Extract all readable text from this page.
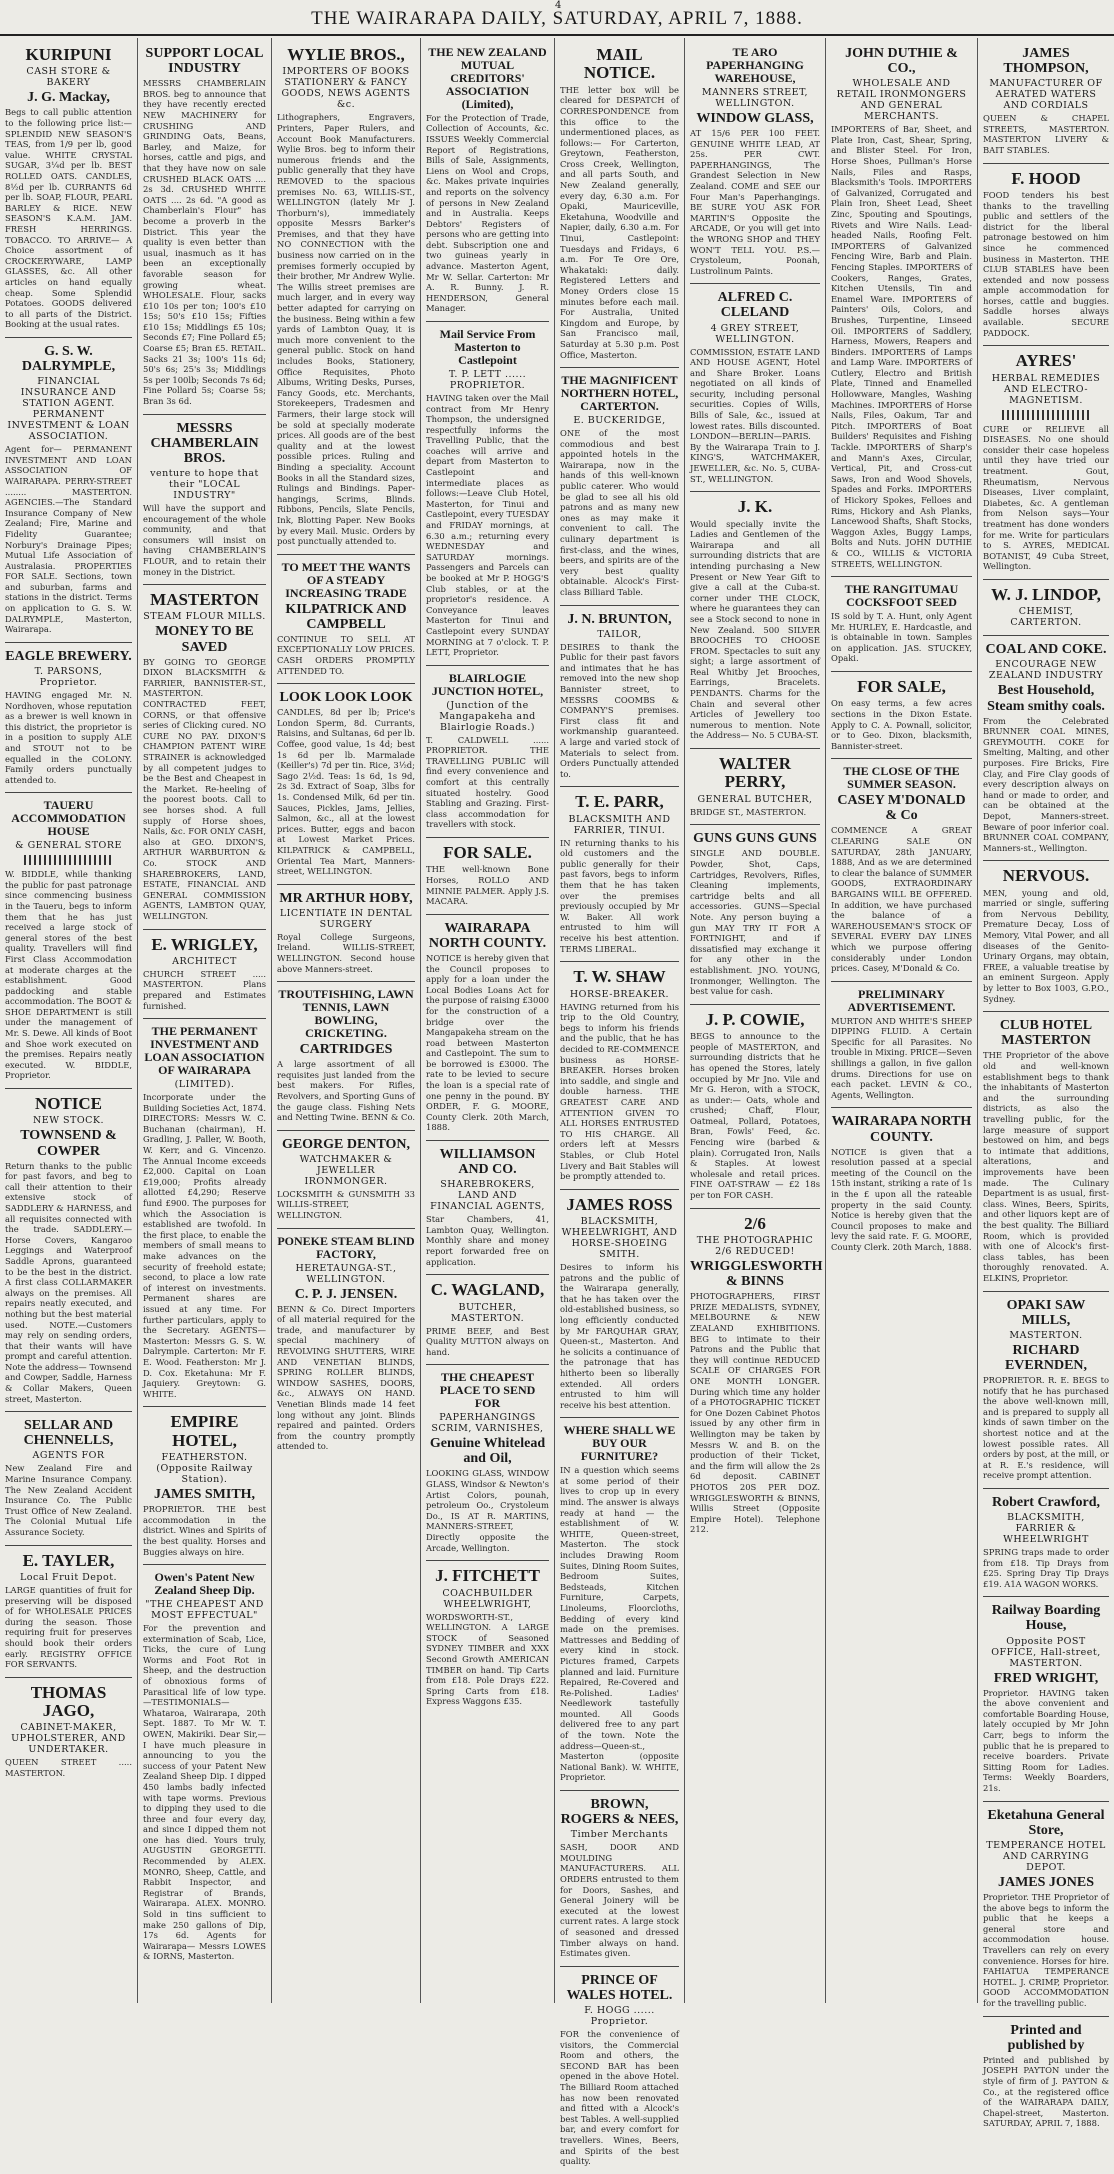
4
THE WAIRARAPA DAILY, SATURDAY, APRIL 7, 1888.
KURIPUNI
CASH STORE & BAKERY
J. G. Mackay,
Begs to call public attention to the following price list:— SPLENDID NEW SEASON'S TEAS, from 1/9 per lb, good value. WHITE CRYSTAL SUGAR, 3¼d per lb. BEST ROLLED OATS. CANDLES, 8½d per lb. CURRANTS 6d per lb. SOAP, FLOUR, PEARL BARLEY & RICE. NEW SEASON'S K.A.M. JAM. FRESH HERRINGS. TOBACCO. TO ARRIVE— A Choice assortment of CROCKERYWARE, LAMP GLASSES, &c. All other articles on hand equally cheap. Some Splendid Potatoes. GOODS delivered to all parts of the District. Booking at the usual rates.
G. S. W. DALRYMPLE,
FINANCIAL INSURANCE AND STATION AGENT. PERMANENT INVESTMENT & LOAN ASSOCIATION.
Agent for— PERMANENT INVESTMENT AND LOAN ASSOCIATION OF WAIRARAPA. PERRY-STREET ........ MASTERTON. AGENCIES.—The Standard Insurance Company of New Zealand; Fire, Marine and Fidelity Guarantee; Norbury's Drainage Pipes; Mutual Life Association of Australasia. PROPERTIES FOR SALE. Sections, town and suburban, farms and stations in the district. Terms on application to G. S. W. DALRYMPLE, Masterton, Wairarapa.
EAGLE BREWERY.
T. PARSONS, Proprietor.
HAVING engaged Mr. N. Nordhoven, whose reputation as a brewer is well known in this district, the proprietor is in a position to supply ALE and STOUT not to be equalled in the COLONY. Family orders punctually attended to.
TAUERU ACCOMMODATION HOUSE
& GENERAL STORE
W. BIDDLE, while thanking the public for past patronage since commencing business in the Taueru, begs to inform them that he has just received a large stock of general stores of the best quality. Travellers will find First Class Accommodation at moderate charges at the establishment. Good paddocking and stable accommodation. The BOOT & SHOE DEPARTMENT is still under the management of Mr. S. Dewe. All kinds of Boot and Shoe work executed on the premises. Repairs neatly executed. W. BIDDLE, Proprietor.
NOTICE
NEW STOCK.
TOWNSEND & COWPER
Return thanks to the public for past favors, and beg to call their attention to their extensive stock of SADDLERY & HARNESS, and all requisites connected with the trade. SADDLERY.—Horse Covers, Kangaroo Leggings and Waterproof Saddle Aprons, guaranteed to be the best in the district. A first class COLLARMAKER always on the premises. All repairs neatly executed, and nothing but the best material used. NOTE.—Customers may rely on sending orders, that their wants will have prompt and careful attention. Note the address— Townsend and Cowper, Saddle, Harness & Collar Makers, Queen street, Masterton.
SELLAR AND CHENNELLS,
AGENTS FOR
New Zealand Fire and Marine Insurance Company. The New Zealand Accident Insurance Co. The Public Trust Office of New Zealand. The Colonial Mutual Life Assurance Society.
E. TAYLER,
Local Fruit Depot.
LARGE quantities of fruit for preserving will be disposed of for WHOLESALE PRICES during the season. Those requiring fruit for preserves should book their orders early. REGISTRY OFFICE FOR SERVANTS.
THOMAS JAGO,
CABINET-MAKER, UPHOLSTERER, AND UNDERTAKER.
QUEEN STREET ..... MASTERTON.
SUPPORT LOCAL INDUSTRY
MESSRS CHAMBERLAIN BROS. beg to announce that they have recently erected NEW MACHINERY for CRUSHING AND GRINDING Oats, Beans, Barley, and Maize, for horses, cattle and pigs, and that they have now on sale CRUSHED BLACK OATS .... 2s 3d. CRUSHED WHITE OATS .... 2s 6d. "A good as Chamberlain's Flour" has become a proverb in the District. This year the quality is even better than usual, inasmuch as it has been an exceptionally favorable season for growing wheat. WHOLESALE. Flour, sacks £10 10s per ton; 100's £10 15s; 50's £10 15s; Fifties £10 15s; Middlings £5 10s; Seconds £7; Fine Pollard £5; Coarse £5; Bran £5. RETAIL. Sacks 21 3s; 100's 11s 6d; 50's 6s; 25's 3s; Middlings 5s per 100lb; Seconds 7s 6d; Fine Pollard 5s; Coarse 5s; Bran 3s 6d.
MESSRS CHAMBERLAIN BROS.
venture to hope that their "LOCAL INDUSTRY"
Will have the support and encouragement of the whole community, and that consumers will insist on having CHAMBERLAIN'S FLOUR, and to retain their money in the District.
MASTERTON
STEAM FLOUR MILLS.
MONEY TO BE SAVED
BY GOING TO GEORGE DIXON BLACKSMITH & FARRIER, BANNISTER-ST., MASTERTON. CONTRACTED FEET, CORNS, or that offensive series of Clicking cured. NO CURE NO PAY. DIXON'S CHAMPION PATENT WIRE STRAINER is acknowledged by all competent judges to be the Best and Cheapest in the Market. Re-heeling of the poorest boots. Call to see horses shod. A full supply of Horse shoes, Nails, &c. FOR ONLY CASH, also at GEO. DIXON'S, ARTHUR WARBURTON & Co. STOCK AND SHAREBROKERS, LAND, ESTATE, FINANCIAL AND GENERAL COMMISSION AGENTS, LAMBTON QUAY, WELLINGTON.
E. WRIGLEY,
ARCHITECT
CHURCH STREET ..... MASTERTON. Plans prepared and Estimates furnished.
THE PERMANENT INVESTMENT AND LOAN ASSOCIATION OF WAIRARAPA
(LIMITED).
Incorporate under the Building Societies Act, 1874. DIRECTORS: Messrs W. C. Buchanan (chairman), H. Gradling, J. Paller, W. Booth, W. Kerr, and G. Vincenzo. The Annual Income exceeds £2,000. Capital on Loan £19,000; Profits already allotted £4,290; Reserve fund £900. The purposes for which the Association is established are twofold. In the first place, to enable the members of small means to make advances on the security of freehold estate; second, to place a low rate of interest on investments. Permanent shares are issued at any time. For further particulars, apply to the Secretary. AGENTS— Masterton: Messrs G. S. W. Dalrymple. Carterton: Mr F. E. Wood. Featherston: Mr J. D. Cox. Eketahuna: Mr F. Jaquiery. Greytown: G. WHITE.
EMPIRE HOTEL,
FEATHERSTON. (Opposite Railway Station).
JAMES SMITH,
PROPRIETOR. THE best accommodation in the district. Wines and Spirits of the best quality. Horses and Buggies always on hire.
Owen's Patent New Zealand Sheep Dip.
"THE CHEAPEST AND MOST EFFECTUAL"
For the prevention and extermination of Scab, Lice, Ticks, the cure of Lung Worms and Foot Rot in Sheep, and the destruction of obnoxious forms of Parasitical life of low type. —TESTIMONIALS— Whataroa, Wairarapa, 20th Sept. 1887. To Mr W. T. OWEN, Makiriki. Dear Sir,—I have much pleasure in announcing to you the success of your Patent New Zealand Sheep Dip. I dipped 450 lambs badly infected with tape worms. Previous to dipping they used to die three and four every day, and since I dipped them not one has died. Yours truly, AUGUSTIN GEORGETTI. Recommended by ALEX. MONRO, Sheep, Cattle, and Rabbit Inspector, and Registrar of Brands, Wairarapa. ALEX. MONRO. Sold in tins sufficient to make 250 gallons of Dip, 17s 6d. Agents for Wairarapa— Messrs LOWES & IORNS, Masterton.
WYLIE BROS.,
IMPORTERS OF BOOKS STATIONERY & FANCY GOODS, NEWS AGENTS &c.
Lithographers, Engravers, Printers, Paper Rulers, and Account Book Manufacturers. Wylie Bros. beg to inform their numerous friends and the public generally that they have REMOVED to the spacious premises No. 63, WILLIS-ST., WELLINGTON (lately Mr J. Thorburn's), immediately opposite Messrs Barker's Premises, and that they have NO CONNECTION with the business now carried on in the premises formerly occupied by their brother, Mr Andrew Wylie. The Willis street premises are much larger, and in every way better adapted for carrying on the business. Being within a few yards of Lambton Quay, it is much more convenient to the general public. Stock on hand includes Books, Stationery, Office Requisites, Photo Albums, Writing Desks, Purses, Fancy Goods, etc. Merchants, Storekeepers, Tradesmen and Farmers, their large stock will be sold at specially moderate prices. All goods are of the best quality and at the lowest possible prices. Ruling and Binding a speciality. Account Books in all the Standard sizes, Rulings and Bindings. Paper-hangings, Scrims, Blinds. Ribbons, Pencils, Slate Pencils, Ink, Blotting Paper. New Books by every Mail. Music. Orders by post punctually attended to.
TO MEET THE WANTS OF A STEADY INCREASING TRADE
KILPATRICK AND CAMPBELL
CONTINUE TO SELL AT EXCEPTIONALLY LOW PRICES. CASH ORDERS PROMPTLY ATTENDED TO.
LOOK LOOK LOOK
CANDLES, 8d per lb; Price's London Sperm, 8d. Currants, Raisins, and Sultanas, 6d per lb. Coffee, good value, 1s 4d; best 1s 6d per lb. Marmalade (Keiller's) 7d per tin. Rice, 3½d; Sago 2½d. Teas: 1s 6d, 1s 9d, 2s 3d. Extract of Soap, 3lbs for 1s. Condensed Milk, 6d per tin. Sauces, Pickles, Jams, Jellies, Salmon, &c., all at the lowest prices. Butter, eggs and bacon at Lowest Market Prices. KILPATRICK & CAMPBELL, Oriental Tea Mart, Manners-street, WELLINGTON.
MR ARTHUR HOBY,
LICENTIATE IN DENTAL SURGERY
Royal College Surgeons, Ireland. WILLIS-STREET, WELLINGTON. Second house above Manners-street.
TROUTFISHING, LAWN TENNIS, LAWN BOWLING, CRICKETING.
CARTRIDGES
A large assortment of all requisites just landed from the best makers. For Rifles, Revolvers, and Sporting Guns of the gauge class. Fishing Nets and Netting Twine. BENN & Co.
GEORGE DENTON,
WATCHMAKER & JEWELLER IRONMONGER.
LOCKSMITH & GUNSMITH 33 WILLIS-STREET, WELLINGTON.
PONEKE STEAM BLIND FACTORY,
HERETAUNGA-ST., WELLINGTON.
C. P. J. JENSEN.
BENN & Co. Direct Importers of all material required for the trade, and manufacturer by special machinery of REVOLVING SHUTTERS, WIRE AND VENETIAN BLINDS, SPRING ROLLER BLINDS, WINDOW SASHES, DOORS, &c., ALWAYS ON HAND. Venetian Blinds made 14 feet long without any joint. Blinds repaired and painted. Orders from the country promptly attended to.
THE NEW ZEALAND MUTUAL CREDITORS' ASSOCIATION (Limited),
For the Protection of Trade, Collection of Accounts, &c. ISSUES Weekly Commercial Report of Registrations, Bills of Sale, Assignments, Liens on Wool and Crops, &c. Makes private inquiries and reports on the solvency of persons in New Zealand and in Australia. Keeps Debtors' Registers of persons who are getting into debt. Subscription one and two guineas yearly in advance. Masterton Agent, Mr W. Sellar. Carterton: Mr A. R. Bunny. J. R. HENDERSON, General Manager.
Mail Service From Masterton to Castlepoint
T. P. LETT ...... PROPRIETOR.
HAVING taken over the Mail contract from Mr Henry Thompson, the undersigned respectfully informs the Travelling Public, that the coaches will arrive and depart from Masterton to Castlepoint and intermediate places as follows:—Leave Club Hotel, Masterton, for Tinui and Castlepoint, every TUESDAY and FRIDAY mornings, at 6.30 a.m.; returning every WEDNESDAY and SATURDAY mornings. Passengers and Parcels can be booked at Mr P. HOGG'S Club stables, or at the proprietor's residence. A Conveyance leaves Masterton for Tinui and Castlepoint every SUNDAY MORNING at 7 o'clock. T. P. LETT, Proprietor.
BLAIRLOGIE JUNCTION HOTEL,
(Junction of the Mangapakeha and Blairlogie Roads.)
T. CALDWELL ...... PROPRIETOR. THE TRAVELLING PUBLIC will find every convenience and comfort at this centrally situated hostelry. Good Stabling and Grazing. First-class accommodation for travellers with stock.
FOR SALE.
THE well-known Bone Horses, ROLLO AND MINNIE PALMER. Apply J.S. MACARA.
WAIRARAPA NORTH COUNTY.
NOTICE is hereby given that the Council proposes to apply for a loan under the Local Bodies Loans Act for the purpose of raising £3000 for the construction of a bridge over the Mangapakeha stream on the road between Masterton and Castlepoint. The sum to be borrowed is £3000. The rate to be levied to secure the loan is a special rate of one penny in the pound. BY ORDER, F. G. MOORE, County Clerk. 20th March, 1888.
WILLIAMSON AND CO.
SHAREBROKERS, LAND AND FINANCIAL AGENTS,
Star Chambers, 41, Lambton Quay, Wellington. Monthly share and money report forwarded free on application.
C. WAGLAND,
BUTCHER, MASTERTON.
PRIME BEEF, and Best Quality MUTTON always on hand.
THE CHEAPEST PLACE TO SEND FOR
PAPERHANGINGS SCRIM, VARNISHES,
Genuine Whitelead and Oil,
LOOKING GLASS, WINDOW GLASS, Windsor & Newton's Artist Colors, pounah, petroleum Oo., Crystoleum Do., IS AT R. MARTINS, MANNERS-STREET, Directly opposite the Arcade, Wellington.
J. FITCHETT
COACHBUILDER WHEELWRIGHT,
WORDSWORTH-ST., WELLINGTON. A LARGE STOCK of Seasoned SYDNEY TIMBER and XXX Second Growth AMERICAN TIMBER on hand. Tip Carts from £18. Pole Drays £22. Spring Carts from £18. Express Waggons £35.
MAIL NOTICE.
THE letter box will be cleared for DESPATCH of CORRESPONDENCE from this office to the undermentioned places, as follows:— For Carterton, Greytown, Featherston, Cross Creek, Wellington, and all parts South, and New Zealand generally, every day, 6.30 a.m. For Opaki, Mauriceville, Eketahuna, Woodville and Napier, daily, 6.30 a.m. For Tinui, Castlepoint: Tuesdays and Fridays, 6 a.m. For Te Ore Ore, Whakataki: daily. Registered Letters and Money Orders close 15 minutes before each mail. For Australia, United Kingdom and Europe, by San Francisco mail, Saturday at 5.30 p.m. Post Office, Masterton.
THE MAGNIFICENT NORTHERN HOTEL, CARTERTON.
E. BUCKERIDGE,
ONE of the most commodious and best appointed hotels in the Wairarapa, now in the hands of this well-known public caterer. Who would be glad to see all his old patrons and as many new ones as may make it convenient to call. The culinary department is first-class, and the wines, beers, and spirits are of the very best quality obtainable. Alcock's First-class Billiard Table.
J. N. BRUNTON,
TAILOR,
DESIRES to thank the Public for their past favors and intimates that he has removed into the new shop Bannister street, to MESSRS COOMBS & COMPANY'S premises. First class fit and workmanship guaranteed. A large and varied stock of Materials to select from. Orders Punctually attended to.
T. E. PARR,
BLACKSMITH AND FARRIER, TINUI.
IN returning thanks to his old customers and the public generally for their past favors, begs to inform them that he has taken over the premises previously occupied by Mr W. Baker. All work entrusted to him will receive his best attention. TERMS LIBERAL.
T. W. SHAW
HORSE-BREAKER.
HAVING returned from his trip to the Old Country, begs to inform his friends and the public, that he has decided to RE-COMMENCE business as HORSE-BREAKER. Horses broken into saddle, and single and double harness. THE GREATEST CARE AND ATTENTION GIVEN TO ALL HORSES ENTRUSTED TO HIS CHARGE. All orders left at Messrs Stables, or Club Hotel Livery and Bait Stables will be promptly attended to.
JAMES ROSS
BLACKSMITH, WHEELWRIGHT, AND HORSE-SHOEING SMITH.
Desires to inform his patrons and the public of the Wairarapa generally, that he has taken over the old-established business, so long efficiently conducted by Mr FARQUHAR GRAY, Queen-st., Masterton. And he solicits a continuance of the patronage that has hitherto been so liberally extended. All orders entrusted to him will receive his best attention.
WHERE SHALL WE BUY OUR FURNITURE?
IN a question which seems at some period of their lives to crop up in every mind. The answer is always ready at hand — the establishment of W. WHITE, Queen-street, Masterton. The stock includes Drawing Room Suites, Dining Room Suites, Bedroom Suites, Bedsteads, Kitchen Furniture, Carpets, Linoleums, Floorcloths, Bedding of every kind made on the premises. Mattresses and Bedding of every kind in stock. Pictures framed, Carpets planned and laid. Furniture Repaired, Re-Covered and Re-Polished. Ladies' Needlework tastefully mounted. All Goods delivered free to any part of the town. Note the address—Queen-st., Masterton (opposite National Bank). W. WHITE, Proprietor.
BROWN, ROGERS & NEES,
Timber Merchants
SASH, DOOR AND MOULDING MANUFACTURERS. ALL ORDERS entrusted to them for Doors, Sashes, and General Joinery will be executed at the lowest current rates. A large stock of seasoned and dressed Timber always on hand. Estimates given.
PRINCE OF WALES HOTEL.
F. HOGG ...... Proprietor.
FOR the convenience of visitors, the Commercial Room and others, the SECOND BAR has been opened in the above Hotel. The Billiard Room attached has now been renovated and fitted with a Alcock's best Tables. A well-supplied bar, and every comfort for travellers. Wines, Beers, and Spirits of the best quality.
TE ARO PAPERHANGING WAREHOUSE,
MANNERS STREET, WELLINGTON.
WINDOW GLASS,
AT 15/6 PER 100 FEET. GENUINE WHITE LEAD, AT 25s. PER CWT. PAPERHANGINGS, The Grandest Selection in New Zealand. COME and SEE our Four Man's Paperhangings. BE SURE YOU ASK FOR MARTIN'S Opposite the ARCADE, Or you will get into the WRONG SHOP and THEY WON'T TELL YOU. P.S.—Crystoleum, Poonah, Lustrolinum Paints.
ALFRED C. CLELAND
4 GREY STREET, WELLINGTON.
COMMISSION, ESTATE LAND AND HOUSE AGENT, Hotel and Share Broker. Loans negotiated on all kinds of security, including personal securities. Copies of Wills, Bills of Sale, &c., issued at lowest rates. Bills discounted. LONDON—BERLIN—PARIS. By the Wairarapa Train to J. KING'S, WATCHMAKER, JEWELLER, &c. No. 5, CUBA-ST., WELLINGTON.
J. K.
Would specially invite the Ladies and Gentlemen of the Wairarapa and all surrounding districts that are intending purchasing a New Present or New Year Gift to give a call at the Cuba-st. corner under THE CLOCK, where he guarantees they can see a Stock second to none in New Zealand. 500 SILVER BROOCHES TO CHOOSE FROM. Spectacles to suit any sight; a large assortment of Real Whitby Jet Brooches, Earrings, Bracelets. PENDANTS. Charms for the Chain and several other Articles of Jewellery too numerous to mention. Note the Address— No. 5 CUBA-ST.
WALTER PERRY,
GENERAL BUTCHER,
BRIDGE ST., MASTERTON.
GUNS GUNS GUNS
SINGLE AND DOUBLE. Powder, Shot, Caps, Cartridges, Revolvers, Rifles, Cleaning implements, cartridge belts and all accessories. GUNS—Special Note. Any person buying a gun MAY TRY IT FOR A FORTNIGHT, and if dissatisfied may exchange it for any other in the establishment. JNO. YOUNG, Ironmonger, Wellington. The best value for cash.
J. P. COWIE,
BEGS to announce to the people of MASTERTON, and surrounding districts that he has opened the Stores, lately occupied by Mr Jno. Vile and Mr G. Heron, with a STOCK, as under:— Oats, whole and crushed; Chaff, Flour, Oatmeal, Pollard, Potatoes, Bran, Fowls' Feed, &c. Fencing wire (barbed & plain). Corrugated Iron, Nails & Staples. At lowest wholesale and retail prices. FINE OAT-STRAW — £2 18s per ton FOR CASH.
2/6
THE PHOTOGRAPHIC 2/6 REDUCED!
WRIGGLESWORTH & BINNS
PHOTOGRAPHERS, FIRST PRIZE MEDALISTS, SYDNEY, MELBOURNE & NEW ZEALAND EXHIBITIONS. BEG to intimate to their Patrons and the Public that they will continue REDUCED SCALE OF CHARGES FOR ONE MONTH LONGER. During which time any holder of a PHOTOGRAPHIC TICKET for One Dozen Cabinet Photos issued by any other firm in Wellington may be taken by Messrs W. and B. on the production of their Ticket, and the firm will allow the 2s 6d deposit. CABINET PHOTOS 20S PER DOZ. WRIGGLESWORTH & BINNS, Willis Street (Opposite Empire Hotel). Telephone 212.
JOHN DUTHIE & CO.,
WHOLESALE AND RETAIL IRONMONGERS AND GENERAL MERCHANTS.
IMPORTERS of Bar, Sheet, and Plate Iron, Cast, Shear, Spring, and Blister Steel. For Iron, Horse Shoes, Pullman's Horse Nails, Files and Rasps, Blacksmith's Tools. IMPORTERS of Galvanized, Corrugated and Plain Iron, Sheet Lead, Sheet Zinc, Spouting and Spoutings, Rivets and Wire Nails. Lead-headed Nails, Roofing Felt. IMPORTERS of Galvanized Fencing Wire, Barb and Plain. Fencing Staples. IMPORTERS of Cookers, Ranges, Grates, Kitchen Utensils, Tin and Enamel Ware. IMPORTERS of Painters' Oils, Colors, and Brushes, Turpentine, Linseed Oil. IMPORTERS of Saddlery, Harness, Mowers, Reapers and Binders. IMPORTERS of Lamps and Lamp Ware. IMPORTERS of Cutlery, Electro and British Plate, Tinned and Enamelled Hollowware, Mangles, Washing Machines. IMPORTERS of Horse Nails, Files, Oakum, Tar and Pitch. IMPORTERS of Boat Builders' Requisites and Fishing Tackle. IMPORTERS of Sharp's and Mann's Axes, Circular, Vertical, Pit, and Cross-cut Saws, Iron and Wood Shovels, Spades and Forks. IMPORTERS of Hickory Spokes, Felloes and Rims, Hickory and Ash Planks, Lancewood Shafts, Shaft Stocks, Waggon Axles, Buggy Lamps, Bolts and Nuts. JOHN DUTHIE & CO., WILLIS & VICTORIA STREETS, WELLINGTON.
THE RANGITUMAU COCKSFOOT SEED
IS sold by T. A. Hunt, only Agent Mr. HURLEY, E. Hardcastle, and is obtainable in town. Samples on application. JAS. STUCKEY, Opaki.
FOR SALE,
On easy terms, a few acres sections in the Dixon Estate. Apply to C. A. Pownall, solicitor, or to Geo. Dixon, blacksmith, Bannister-street.
THE CLOSE OF THE SUMMER SEASON.
CASEY M'DONALD & Co
COMMENCE A GREAT CLEARING SALE ON SATURDAY, 28th JANUARY, 1888, And as we are determined to clear the balance of SUMMER GOODS, EXTRAORDINARY BARGAINS WILL BE OFFERED. In addition, we have purchased the balance of a WAREHOUSEMAN'S STOCK OF SEVERAL EVERY DAY LINES which we purpose offering considerably under London prices. Casey, M'Donald & Co.
PRELIMINARY ADVERTISEMENT.
MURTON AND WHITE'S SHEEP DIPPING FLUID. A Certain Specific for all Parasites. No trouble in Mixing. PRICE—Seven shillings a gallon, in five gallon drums. Directions for use on each packet. LEVIN & CO., Agents, Wellington.
WAIRARAPA NORTH COUNTY.
NOTICE is given that a resolution passed at a special meeting of the Council on the 15th instant, striking a rate of 1s in the £ upon all the rateable property in the said County. Notice is hereby given that the Council proposes to make and levy the said rate. F. G. MOORE, County Clerk. 20th March, 1888.
JAMES THOMPSON,
MANUFACTURER OF AERATED WATERS AND CORDIALS
QUEEN & CHAPEL STREETS, MASTERTON. MASTERTON LIVERY & BAIT STABLES.
F. HOOD
FOOD tenders his best thanks to the travelling public and settlers of the district for the liberal patronage bestowed on him since he commenced business in Masterton. THE CLUB STABLES have been extended and now possess ample accommodation for horses, cattle and buggies. Saddle horses always available. SECURE PADDOCK.
AYRES'
HERBAL REMEDIES AND ELECTRO-MAGNETISM.
CURE or RELIEVE all DISEASES. No one should consider their case hopeless until they have tried our treatment. Gout, Rheumatism, Nervous Diseases, Liver complaint, Diabetes, &c. A gentleman from Nelson says—Your treatment has done wonders for me. Write for particulars to S. AYRES, MEDICAL BOTANIST, 49 Cuba Street, Wellington.
W. J. LINDOP,
CHEMIST, CARTERTON.
COAL AND COKE.
ENCOURAGE NEW ZEALAND INDUSTRY
Best Household, Steam smithy coals.
From the Celebrated BRUNNER COAL MINES, GREYMOUTH. COKE for Smelting, Malting, and other purposes. Fire Bricks, Fire Clay, and Fire Clay goods of every description always on hand or made to order, and can be obtained at the Depot, Manners-street. Beware of poor inferior coal. BRUNNER COAL COMPANY, Manners-st., Wellington.
NERVOUS.
MEN, young and old, married or single, suffering from Nervous Debility, Premature Decay, Loss of Memory, Vital Power, and all diseases of the Genito-Urinary Organs, may obtain, FREE, a valuable treatise by an eminent Surgeon. Apply by letter to Box 1003, G.P.O., Sydney.
CLUB HOTEL MASTERTON
THE Proprietor of the above old and well-known establishment begs to thank the inhabitants of Masterton and the surrounding districts, as also the travelling public, for the large measure of support bestowed on him, and begs to intimate that additions, alterations, and improvements have been made. The Culinary Department is as usual, first-class. Wines, Beers, Spirits, and other liquors kept are of the best quality. The Billiard Room, which is provided with one of Alcock's first-class tables, has been thoroughly renovated. A. ELKINS, Proprietor.
OPAKI SAW MILLS,
MASTERTON.
RICHARD EVERNDEN,
PROPRIETOR. R. E. BEGS to notify that he has purchased the above well-known mill, and is prepared to supply all kinds of sawn timber on the shortest notice and at the lowest possible rates. All orders by post, at the mill, or at R. E.'s residence, will receive prompt attention.
Robert Crawford,
BLACKSMITH, FARRIER & WHEELWRIGHT
SPRING traps made to order from £18. Tip Drays from £25. Spring Dray Tip Drays £19. A1A WAGON WORKS.
Railway Boarding House,
Opposite POST OFFICE, Hall-street, MASTERTON.
FRED WRIGHT,
Proprietor. HAVING taken the above convenient and comfortable Boarding House, lately occupied by Mr John Carr, begs to inform the public that he is prepared to receive boarders. Private Sitting Room for Ladies. Terms: Weekly Boarders, 21s.
Eketahuna General Store,
TEMPERANCE HOTEL AND CARRYING DEPOT.
JAMES JONES
Proprietor. THE Proprietor of the above begs to inform the public that he keeps a general store and accommodation house. Travellers can rely on every convenience. Horses for hire. FAHIATUA TEMPERANCE HOTEL. J. CRIMP, Proprietor. GOOD ACCOMMODATION for the travelling public.
Printed and published by
Printed and published by JOSEPH PAYTON under the style of firm of J. PAYTON & Co., at the registered office of the WAIRARAPA DAILY, Chapel-street, Masterton. SATURDAY, APRIL 7, 1888.
